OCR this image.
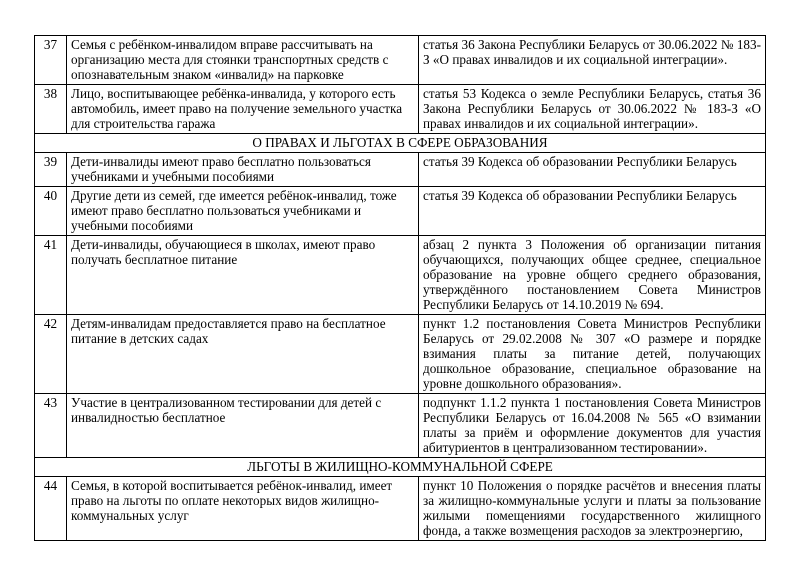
37	Семья с ребёнком-инвалидом вправе рассчитывать на организацию места для стоянки транспортных средств с опознавательным знаком «инвалид» на парковке	статья 36 Закона Республики Беларусь от 30.06.2022 № 183-З «О правах инвалидов и их социальной интеграции».
38	Лицо, воспитывающее ребёнка-инвалида, у которого есть автомобиль, имеет право на получение земельного участка для строительства гаража	статья 53 Кодекса о земле Республики Беларусь, статья 36 Закона Республики Беларусь от 30.06.2022 № 183-З «О правах инвалидов и их социальной интеграции».
О ПРАВАХ И ЛЬГОТАХ В СФЕРЕ ОБРАЗОВАНИЯ		
39	Дети-инвалиды имеют право бесплатно пользоваться учебниками и учебными пособиями	статья 39 Кодекса об образовании Республики Беларусь
40	Другие дети из семей, где имеется ребёнок-инвалид, тоже имеют право бесплатно пользоваться учебниками и учебными пособиями	статья 39 Кодекса об образовании Республики Беларусь
41	Дети-инвалиды, обучающиеся в школах, имеют право получать бесплатное питание	абзац 2 пункта 3 Положения об организации питания обучающихся, получающих общее среднее, специальное образование на уровне общего среднего образования, утверждённого постановлением Совета Министров Республики Беларусь от 14.10.2019 № 694.
42	Детям-инвалидам предоставляется право на бесплатное питание в детских садах	пункт 1.2 постановления Совета Министров Республики Беларусь от 29.02.2008 № 307 «О размере и порядке взимания платы за питание детей, получающих дошкольное образование, специальное образование на уровне дошкольного образования».
43	Участие в централизованном тестировании для детей с инвалидностью бесплатное	подпункт 1.1.2 пункта 1 постановления Совета Министров Республики Беларусь от 16.04.2008 № 565 «О взимании платы за приём и оформление документов для участия абитуриентов в централизованном тестировании».
ЛЬГОТЫ В ЖИЛИЩНО-КОММУНАЛЬНОЙ СФЕРЕ		
44	Семья, в которой воспитывается ребёнок-инвалид, имеет право на льготы по оплате некоторых видов жилищно-коммунальных услуг	пункт 10 Положения о порядке расчётов и внесения платы за жилищно-коммунальные услуги и платы за пользование жилыми помещениями государственного жилищного фонда, а также возмещения расходов за электроэнергию,
